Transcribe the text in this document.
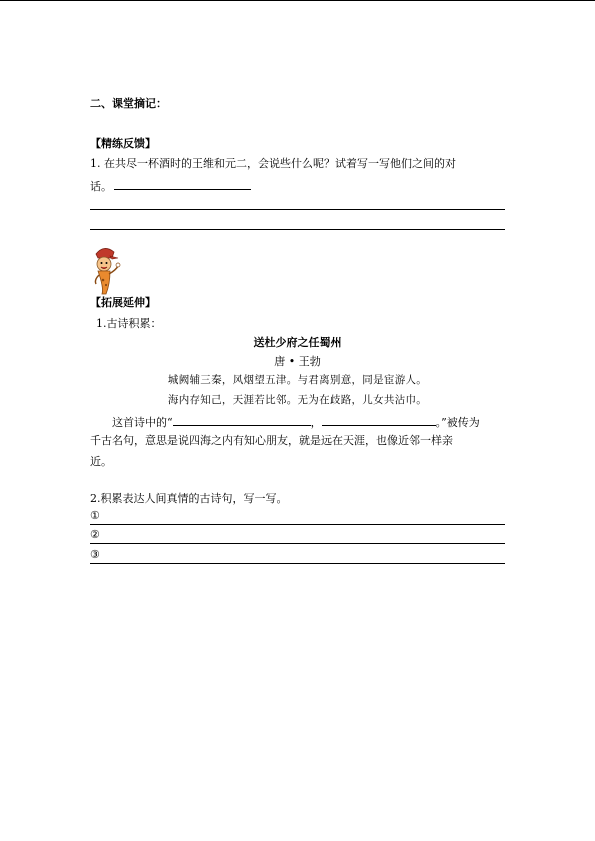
二、课堂摘记：
【精练反馈】
1. 在共尽一杯酒时的王维和元二，会说些什么呢？试着写一写他们之间的对
话。
【拓展延伸】
1.古诗积累：
送杜少府之任蜀州
唐 • 王勃
城阙辅三秦，风烟望五津。与君离别意，同是宦游人。
海内存知己，天涯若比邻。无为在歧路，儿女共沾巾。
这首诗中的“	，	。”被传为
千古名句，意思是说四海之内有知心朋友，就是远在天涯，也像近邻一样亲
近。
2.积累表达人间真情的古诗句，写一写。
①
②
③
